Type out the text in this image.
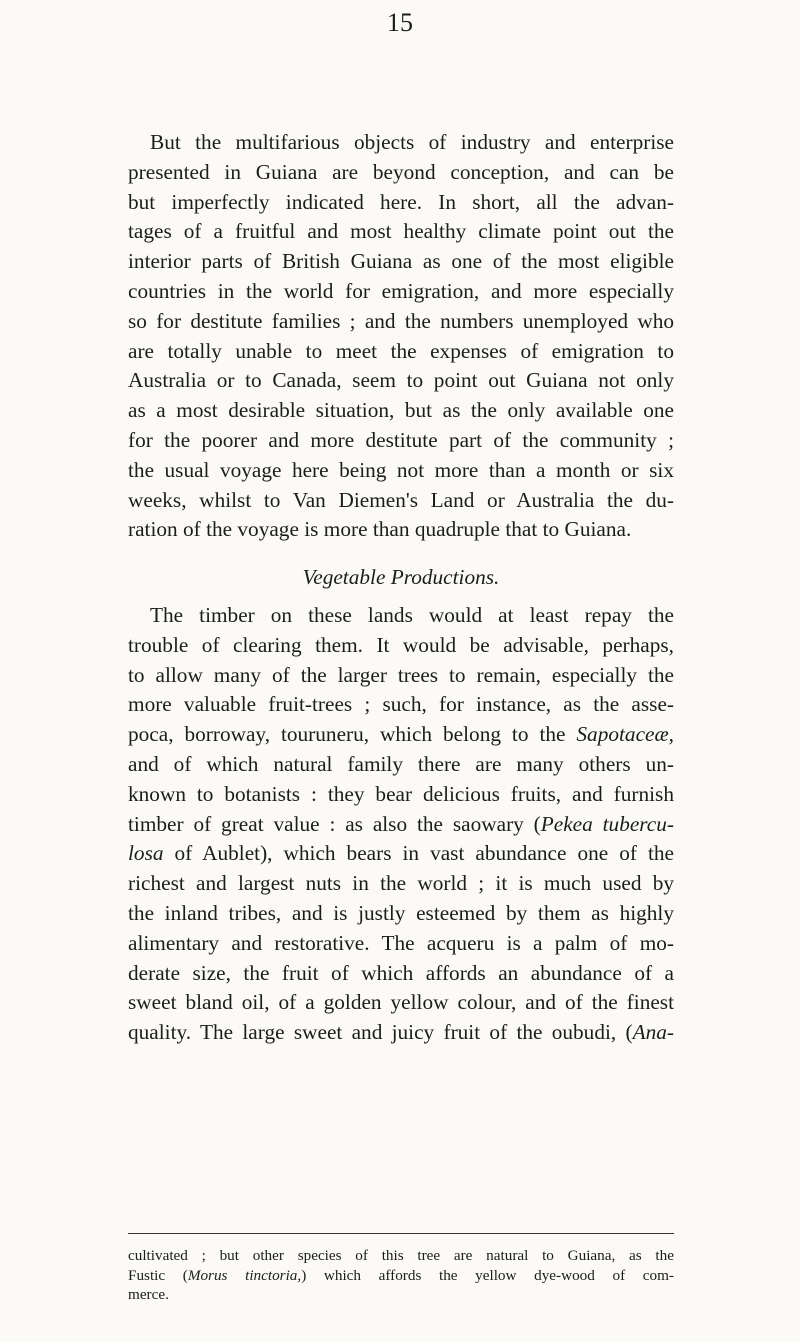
15
But the multifarious objects of industry and enterprise
presented in Guiana are beyond conception, and can be
but imperfectly indicated here. In short, all the advan-
tages of a fruitful and most healthy climate point out the
interior parts of British Guiana as one of the most eligible
countries in the world for emigration, and more especially
so for destitute families ; and the numbers unemployed who
are totally unable to meet the expenses of emigration to
Australia or to Canada, seem to point out Guiana not only
as a most desirable situation, but as the only available one
for the poorer and more destitute part of the community ;
the usual voyage here being not more than a month or six
weeks, whilst to Van Diemen's Land or Australia the du-
ration of the voyage is more than quadruple that to Guiana.
Vegetable Productions.
The timber on these lands would at least repay the
trouble of clearing them. It would be advisable, perhaps,
to allow many of the larger trees to remain, especially the
more valuable fruit-trees ; such, for instance, as the asse-
poca, borroway, touruneru, which belong to the Sapotaceæ,
and of which natural family there are many others un-
known to botanists : they bear delicious fruits, and furnish
timber of great value : as also the saowary (Pekea tubercu-
losa of Aublet), which bears in vast abundance one of the
richest and largest nuts in the world ; it is much used by
the inland tribes, and is justly esteemed by them as highly
alimentary and restorative. The acqueru is a palm of mo-
derate size, the fruit of which affords an abundance of a
sweet bland oil, of a golden yellow colour, and of the finest
quality. The large sweet and juicy fruit of the oubudi, (Ana-
cultivated ; but other species of this tree are natural to Guiana, as the
Fustic (Morus tinctoria,) which affords the yellow dye-wood of com-
merce.
